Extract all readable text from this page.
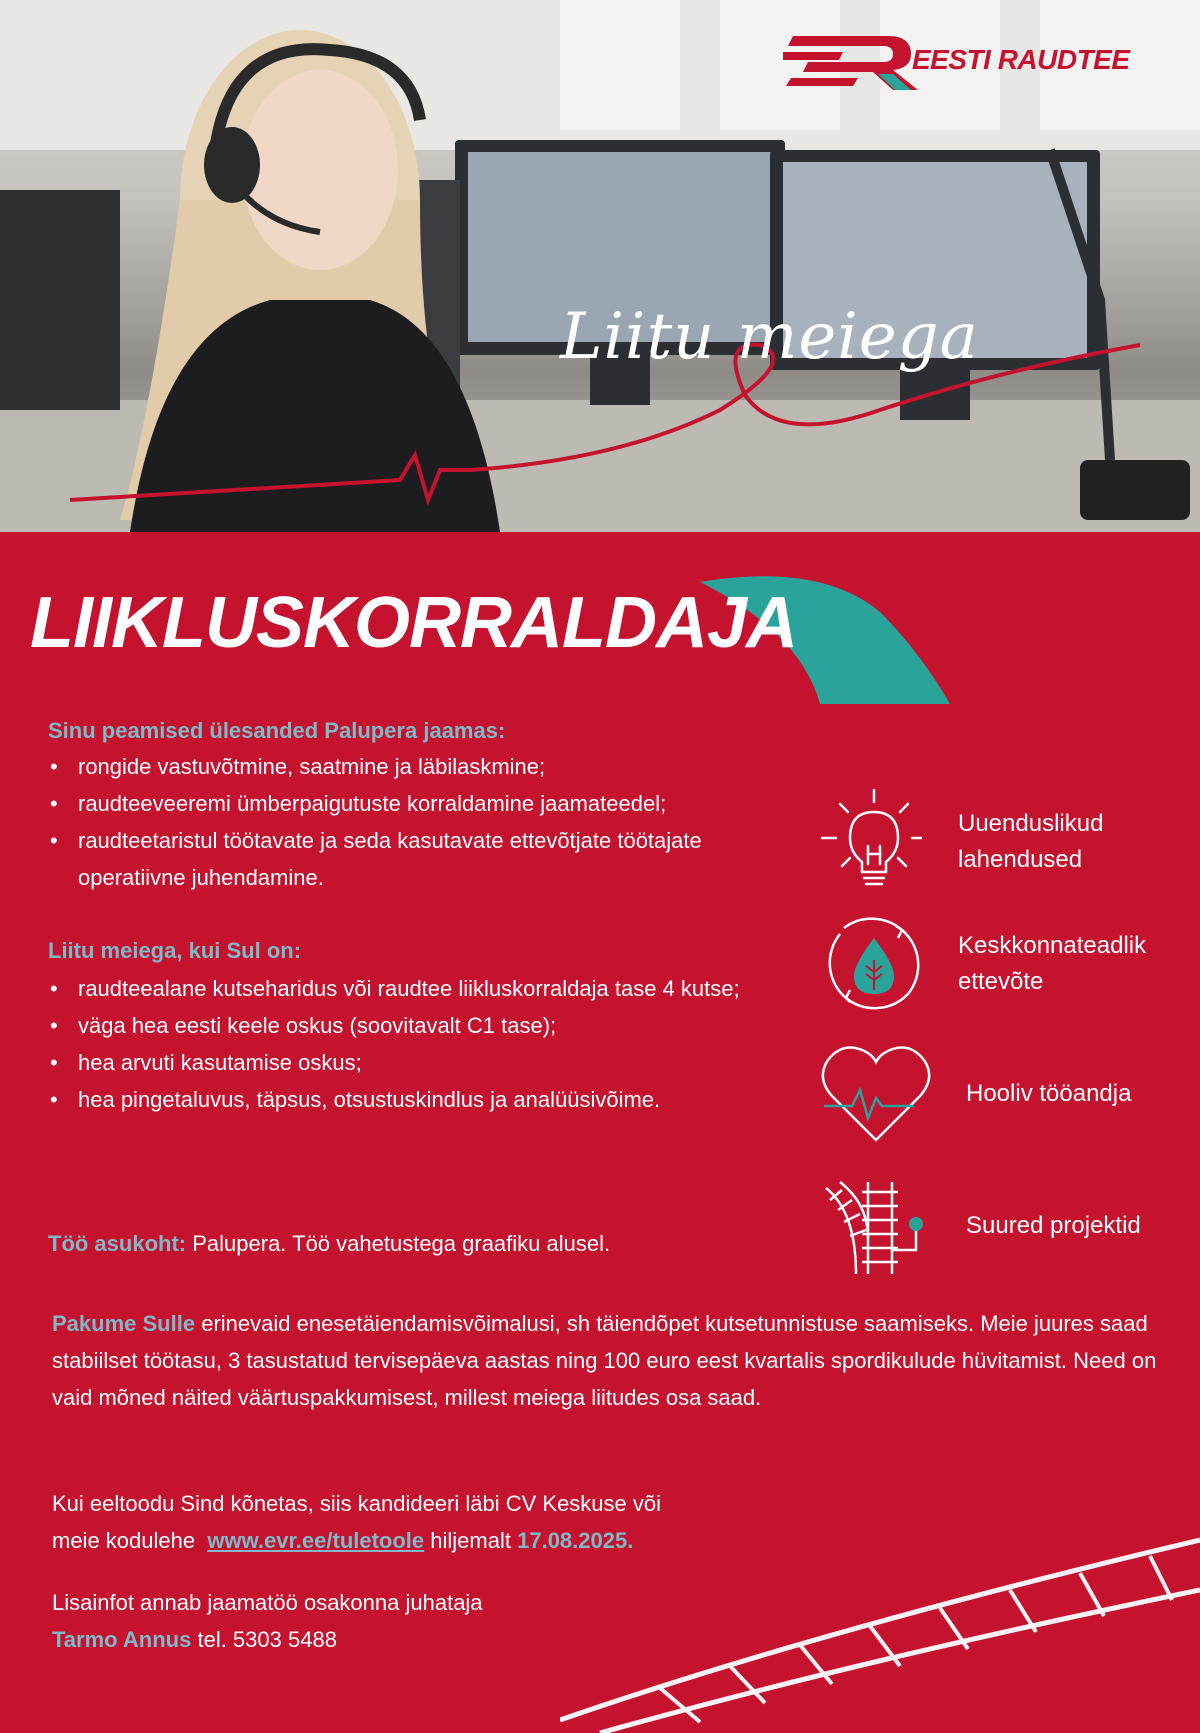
EESTI RAUDTEE
Liitu meiega
LIIKLUSKORRALDAJA
Sinu peamised ülesanded Palupera jaamas:
• rongide vastuvõtmine, saatmine ja läbilaskmine;
• raudteeveeremi ümberpaigutuste korraldamine jaamateedel;
• raudteetaristul töötavate ja seda kasutavate ettevõtjate töötajate operatiivne juhendamine.
Liitu meiega, kui Sul on:
• raudteealane kutseharidus või raudtee liikluskorraldaja tase 4 kutse;
• väga hea eesti keele oskus (soovitavalt C1 tase);
• hea arvuti kasutamise oskus;
• hea pingetaluvus, täpsus, otsustuskindlus ja analüüsivõime.
Töö asukoht: Palupera. Töö vahetustega graafiku alusel.
Pakume Sulle erinevaid enesetäiendamisvõimalusi, sh täiendõpet kutsetunnistuse saamiseks. Meie juures saad stabiilset töötasu, 3 tasustatud tervisepäeva aastas ning 100 euro eest kvartalis spordikulude hüvitamist. Need on vaid mõned näited väärtuspakkumisest, millest meiega liitudes osa saad.
Kui eeltoodu Sind kõnetas, siis kandideeri läbi CV Keskuse või
meie kodulehe www.evr.ee/tuletoole hiljemalt 17.08.2025.
Lisainfot annab jaamatöö osakonna juhataja
Tarmo Annus tel. 5303 5488
Uuenduslikud lahendused
Keskkonnateadlik ettevõte
Hooliv tööandja
Suured projektid
